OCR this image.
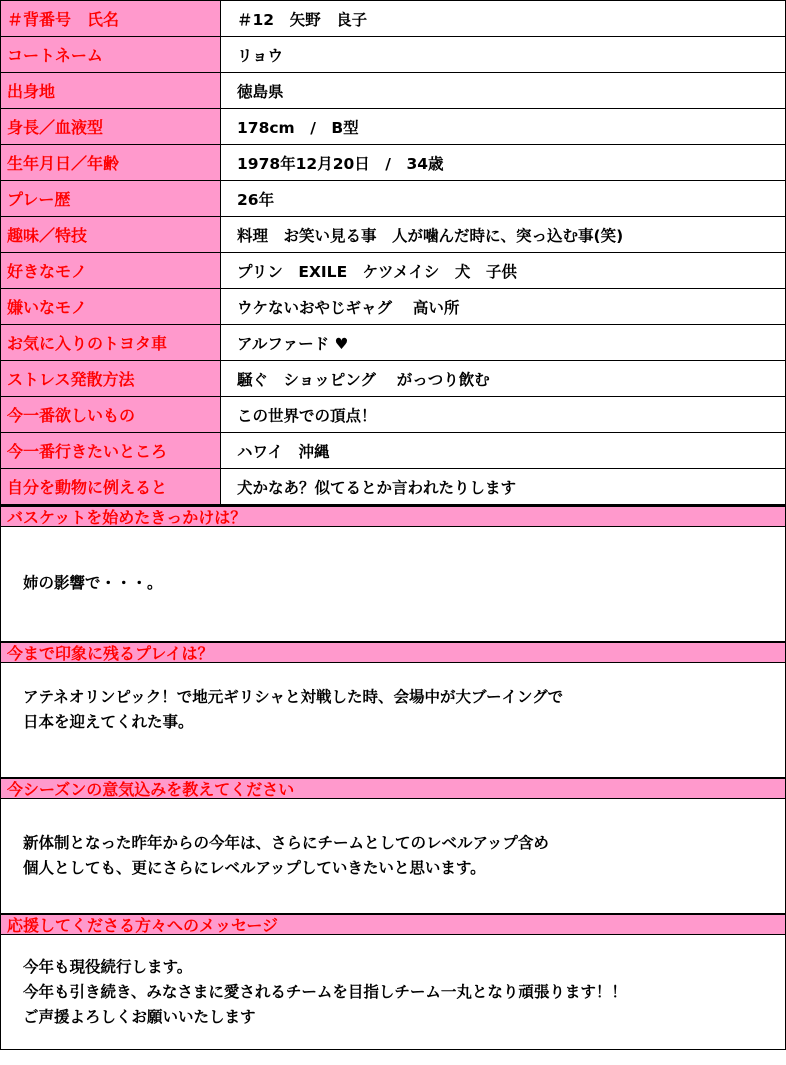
＃背番号　氏名	＃12　矢野　良子
コートネーム	リョウ
出身地	徳島県
身長／血液型	178cm　/　B型
生年月日／年齢	1978年12月20日　/　34歳
プレー歴	26年
趣味／特技	料理　お笑い見る事　人が噛んだ時に、突っ込む事(笑)
好きなモノ	プリン　EXILE　ケツメイシ　犬　子供
嫌いなモノ	ウケないおやじギャグ　 高い所
お気に入りのトヨタ車	アルファード ♥
ストレス発散方法	騒ぐ　ショッピング　 がっつり飲む
今一番欲しいもの	この世界での頂点！
今一番行きたいところ	ハワイ　沖縄
自分を動物に例えると	犬かなあ？似てるとか言われたりします
バスケットを始めたきっかけは？
姉の影響で・・・。
今まで印象に残るプレイは？
アテネオリンピック！で地元ギリシャと対戦した時、会場中が大ブーイングで
日本を迎えてくれた事。
今シーズンの意気込みを教えてください
新体制となった昨年からの今年は、さらにチームとしてのレベルアップ含め
個人としても、更にさらにレベルアップしていきたいと思います。
応援してくださる方々へのメッセージ
今年も現役続行します。
今年も引き続き、みなさまに愛されるチームを目指しチーム一丸となり頑張ります！！
ご声援よろしくお願いいたします
